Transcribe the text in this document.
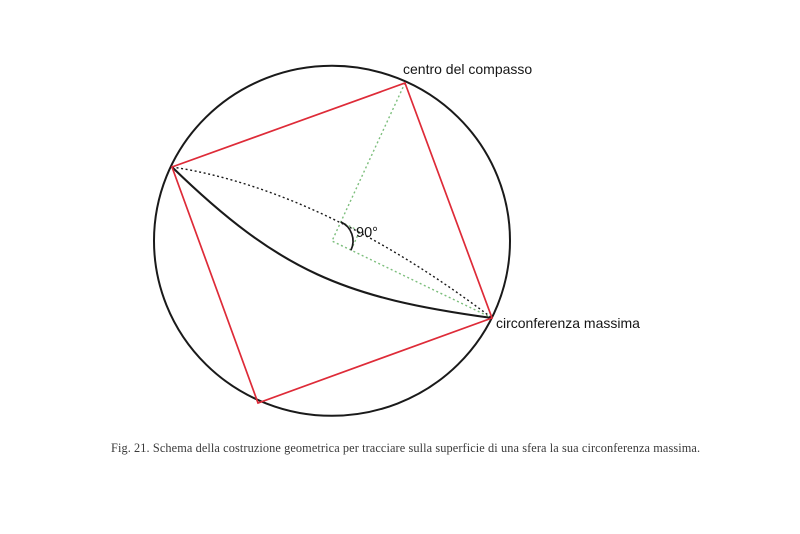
centro del compasso
circonferenza massima
90°
Fig. 21. Schema della costruzione geometrica per tracciare sulla superficie di una sfera la sua circonferenza massima.
